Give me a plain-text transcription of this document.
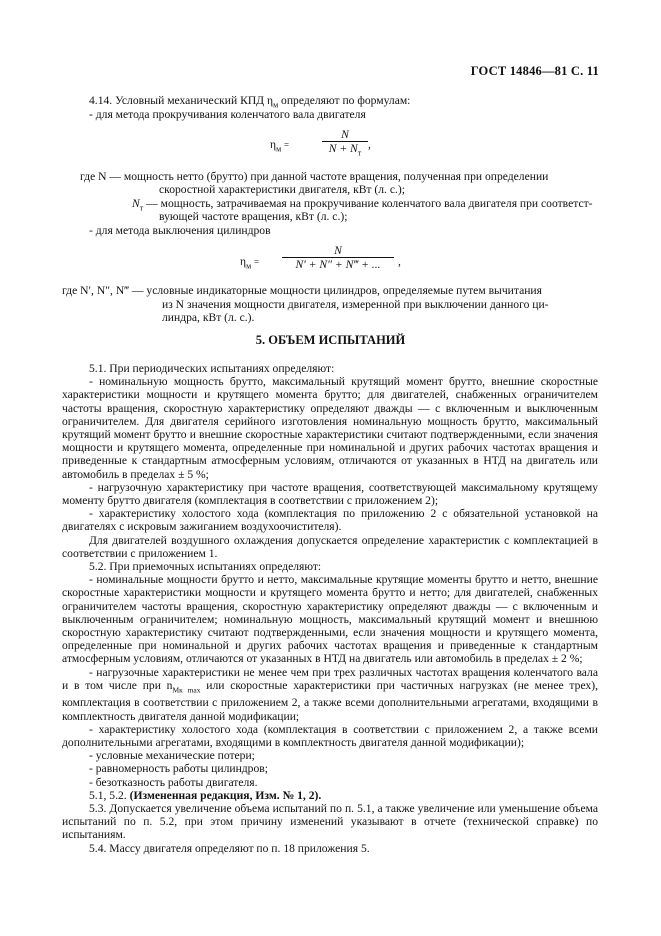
ГОСТ 14846—81 С. 11
4.14. Условный механический КПД $\eta_м$ определяют по формулам:
- для метода прокручивания коленчатого вала двигателя
$\eta_м$ =
N
$N + N_т$
,
где N — мощность нетто (брутто) при данной частоте вращения, полученная при определении
скоростной характеристики двигателя, кВт (л. с.);
$N_т$ — мощность, затрачиваемая на прокручивание коленчатого вала двигателя при соответст-
вующей частоте вращения, кВт (л. с.);
- для метода выключения цилиндров
$\eta_м$ =
N
N′ + N″ + N‴ + ...	,
где N′, N″, N‴ — условные индикаторные мощности цилиндров, определяемые путем вычитания
из N значения мощности двигателя, измеренной при выключении данного ци-
линдра, кВт (л. с.).
5. ОБЪЕМ ИСПЫТАНИЙ
5.1. При периодических испытаниях определяют:
- номинальную мощность брутто, максимальный крутящий момент брутто, внешние скоростные характеристики мощности и крутящего момента брутто; для двигателей, снабженных ограничителем частоты вращения, скоростную характеристику определяют дважды — с включенным и выключенным ограничителем. Для двигателя серийного изготовления номинальную мощность брутто, максимальный крутящий момент брутто и внешние скоростные характеристики считают подтвержденными, если значения мощности и крутящего момента, определенные при номинальной и других рабочих частотах вращения и приведенные к стандартным атмосферным условиям, отличаются от указанных в НТД на двигатель или автомобиль в пределах ± 5 %;
- нагрузочную характеристику при частоте вращения, соответствующей максимальному крутящему моменту брутто двигателя (комплектация в соответствии с приложением 2);
- характеристику холостого хода (комплектация по приложению 2 с обязательной установкой на двигателях с искровым зажиганием воздухоочистителя).
Для двигателей воздушного охлаждения допускается определение характеристик с комплектацией в соответствии с приложением 1.
5.2. При приемочных испытаниях определяют:
- номинальные мощности брутто и нетто, максимальные крутящие моменты брутто и нетто, внешние скоростные характеристики мощности и крутящего момента брутто и нетто; для двигателей, снабженных ограничителем частоты вращения, скоростную характеристику определяют дважды — с включенным и выключенным ограничителем; номинальную мощность, максимальный крутящий момент и внешнюю скоростную характеристику считают подтвержденными, если значения мощности и крутящего момента, определенные при номинальной и других рабочих частотах вращения и приведенные к стандартным атмосферным условиям, отличаются от указанных в НТД на двигатель или автомобиль в пределах ± 2 %;
- нагрузочные характеристики не менее чем при трех различных частотах вращения коленчатого вала и в том числе при $n_{Mк max}$ или скоростные характеристики при частичных нагрузках (не менее трех), комплектация в соответствии с приложением 2, а также всеми дополнительными агрегатами, входящими в комплектность двигателя данной модификации;
- характеристику холостого хода (комплектация в соответствии с приложением 2, а также всеми дополнительными агрегатами, входящими в комплектность двигателя данной модификации);
- условные механические потери;
- равномерность работы цилиндров;
- безотказность работы двигателя.
5.1, 5.2. (Измененная редакция, Изм. № 1, 2).
5.3. Допускается увеличение объема испытаний по п. 5.1, а также увеличение или уменьшение объема испытаний по п. 5.2, при этом причину изменений указывают в отчете (технической справке) по испытаниям.
5.4. Массу двигателя определяют по п. 18 приложения 5.
